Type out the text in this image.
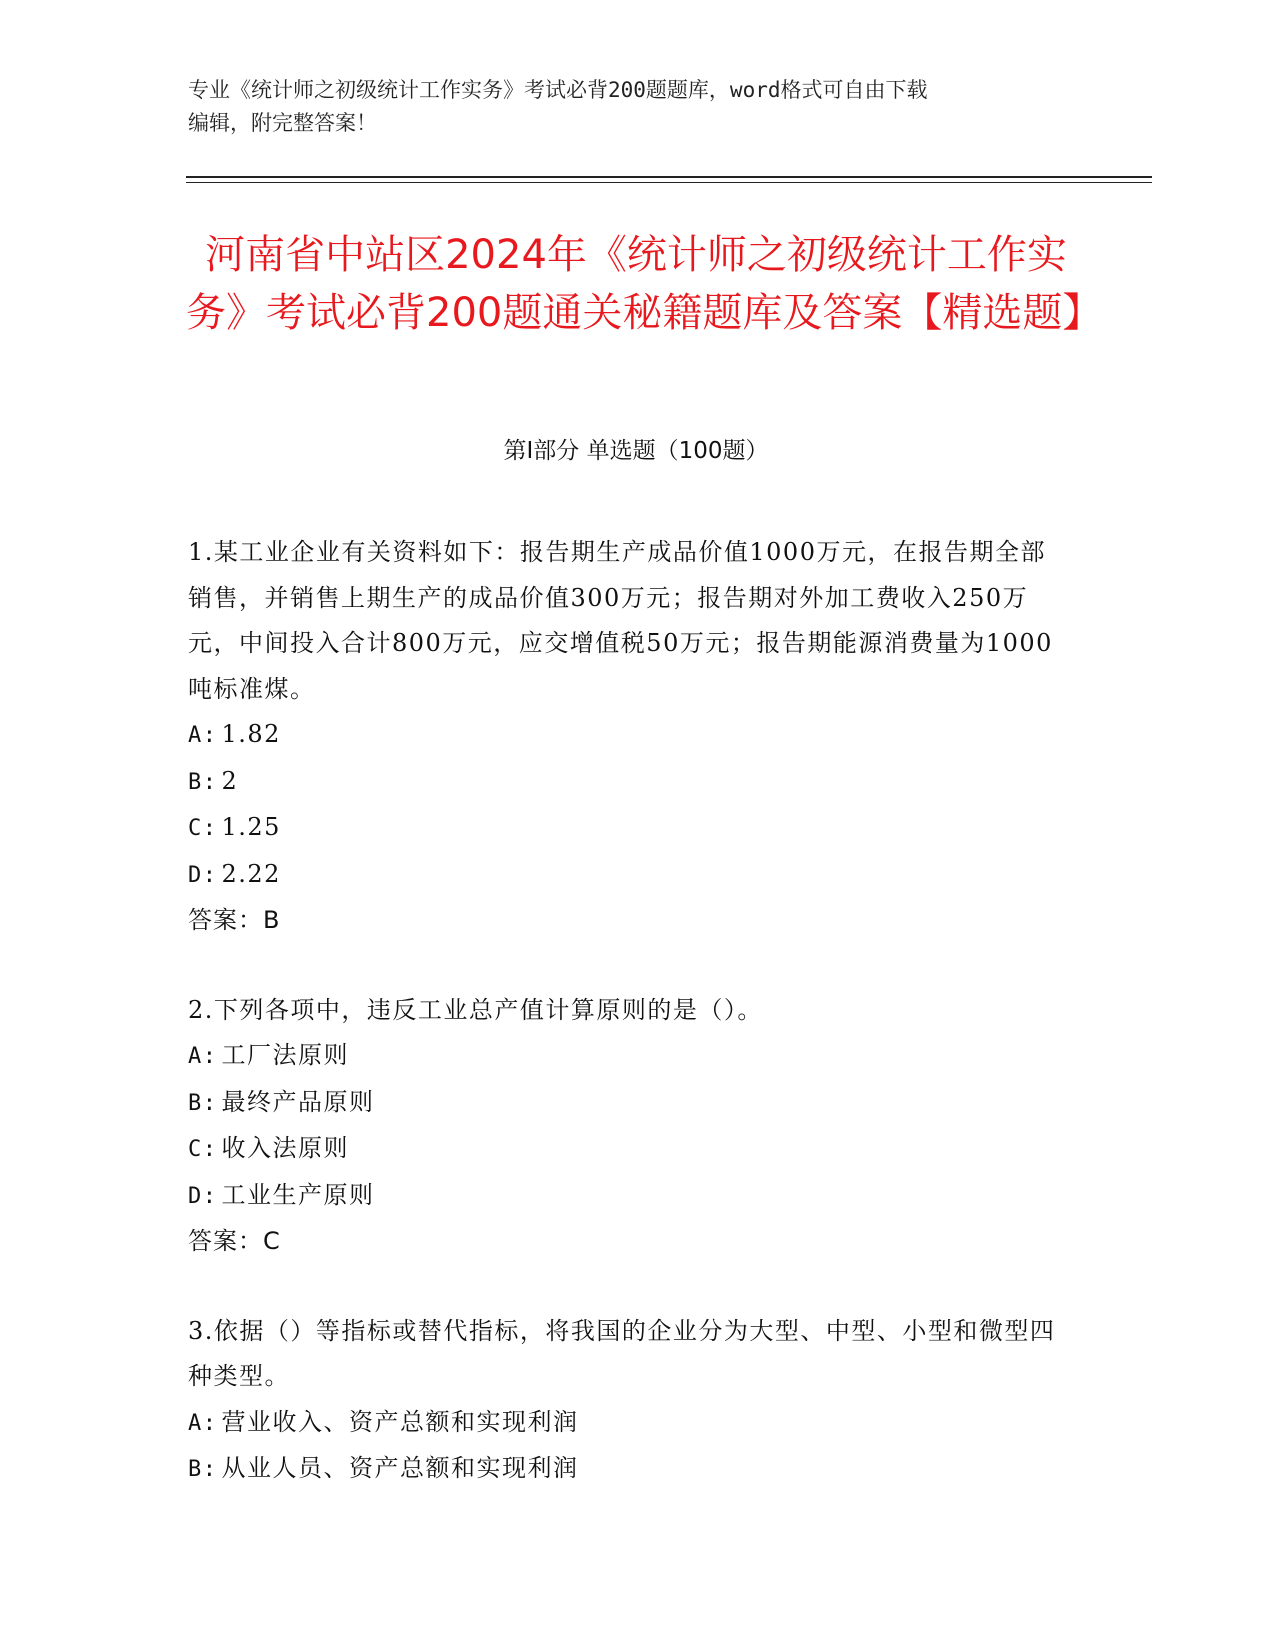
专业《统计师之初级统计工作实务》考试必背200题题库，word格式可自由下载
编辑，附完整答案！
河南省中站区2024年《统计师之初级统计工作实务》考试必背200题通关秘籍题库及答案【精选题】
第Ⅰ部分 单选题（100题）

1.某工业企业有关资料如下：报告期生产成品价值1000万元，在报告期全部销售，并销售上期生产的成品价值300万元；报告期对外加工费收入250万元，中间投入合计800万元，应交增值税50万元；报告期能源消费量为1000吨标准煤。

A: 1.82

B: 2

C: 1.25

D: 2.22

答案：B

2.下列各项中，违反工业总产值计算原则的是（）。

A: 工厂法原则

B: 最终产品原则

C: 收入法原则

D: 工业生产原则

答案：C

3.依据（）等指标或替代指标，将我国的企业分为大型、中型、小型和微型四种类型。

A: 营业收入、资产总额和实现利润

B: 从业人员、资产总额和实现利润
